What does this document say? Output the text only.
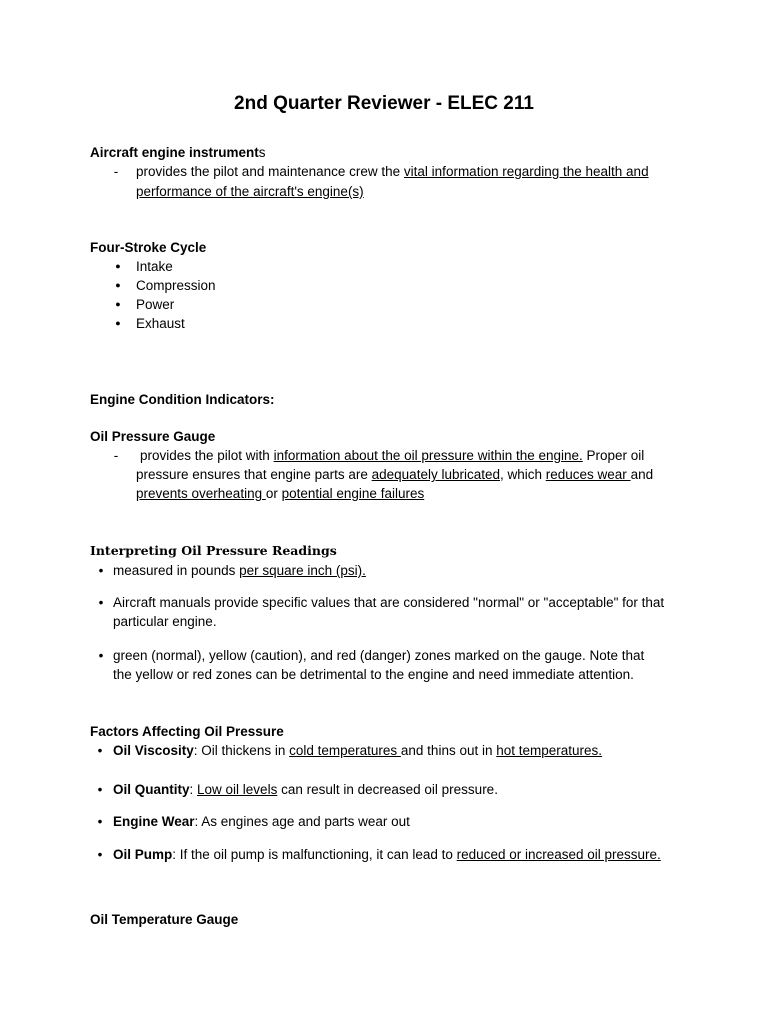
2nd Quarter Reviewer - ELEC 211
Aircraft engine instruments
-	provides the pilot and maintenance crew the vital information regarding the health and
performance of the aircraft's engine(s)
Four-Stroke Cycle
●	Intake
●	Compression
●	Power
●	Exhaust
Engine Condition Indicators:
Oil Pressure Gauge
-	provides the pilot with information about the oil pressure within the engine. Proper oil
pressure ensures that engine parts are adequately lubricated, which reduces wear and
prevents overheating or potential engine failures
Interpreting Oil Pressure Readings
• measured in pounds per square inch (psi).
• Aircraft manuals provide specific values that are considered "normal" or "acceptable" for that
particular engine.
• green (normal), yellow (caution), and red (danger) zones marked on the gauge. Note that
the yellow or red zones can be detrimental to the engine and need immediate attention.
Factors Affecting Oil Pressure
• Oil Viscosity: Oil thickens in cold temperatures and thins out in hot temperatures.
• Oil Quantity: Low oil levels can result in decreased oil pressure.
• Engine Wear: As engines age and parts wear out
• Oil Pump: If the oil pump is malfunctioning, it can lead to reduced or increased oil pressure.
Oil Temperature Gauge
